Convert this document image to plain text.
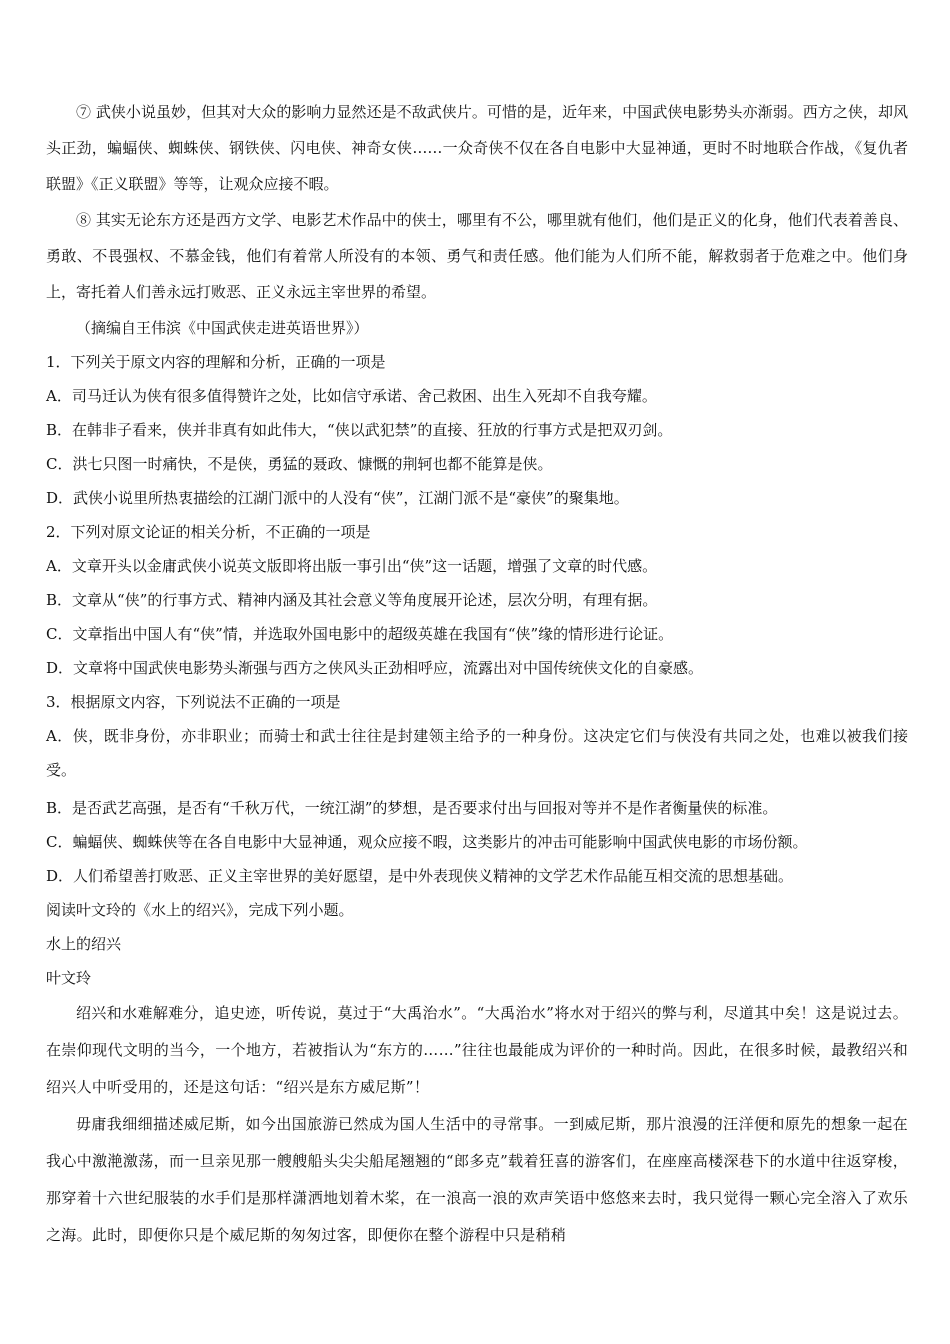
⑦ 武侠小说虽妙，但其对大众的影响力显然还是不敌武侠片。可惜的是，近年来，中国武侠电影势头亦渐弱。西方之侠，却风头正劲，蝙蝠侠、蜘蛛侠、钢铁侠、闪电侠、神奇女侠……一众奇侠不仅在各自电影中大显神通，更时不时地联合作战，《复仇者联盟》《正义联盟》等等，让观众应接不暇。

⑧ 其实无论东方还是西方文学、电影艺术作品中的侠士，哪里有不公，哪里就有他们，他们是正义的化身，他们代表着善良、勇敢、不畏强权、不慕金钱，他们有着常人所没有的本领、勇气和责任感。他们能为人们所不能，解救弱者于危难之中。他们身上，寄托着人们善永远打败恶、正义永远主宰世界的希望。

（摘编自王伟滨《中国武侠走进英语世界》）

1．下列关于原文内容的理解和分析，正确的一项是

A．司马迁认为侠有很多值得赞许之处，比如信守承诺、舍己救困、出生入死却不自我夸耀。

B．在韩非子看来，侠并非真有如此伟大，“侠以武犯禁”的直接、狂放的行事方式是把双刃剑。

C．洪七只图一时痛快，不是侠，勇猛的聂政、慷慨的荆轲也都不能算是侠。

D．武侠小说里所热衷描绘的江湖门派中的人没有“侠”，江湖门派不是“豪侠”的聚集地。

2．下列对原文论证的相关分析，不正确的一项是

A．文章开头以金庸武侠小说英文版即将出版一事引出“侠”这一话题，增强了文章的时代感。

B．文章从“侠”的行事方式、精神内涵及其社会意义等角度展开论述，层次分明，有理有据。

C．文章指出中国人有“侠”情，并选取外国电影中的超级英雄在我国有“侠”缘的情形进行论证。

D．文章将中国武侠电影势头渐强与西方之侠风头正劲相呼应，流露出对中国传统侠文化的自豪感。

3．根据原文内容，下列说法不正确的一项是

A．侠，既非身份，亦非职业；而骑士和武士往往是封建领主给予的一种身份。这决定它们与侠没有共同之处，也难以被我们接受。

B．是否武艺高强，是否有“千秋万代，一统江湖”的梦想，是否要求付出与回报对等并不是作者衡量侠的标准。

C．蝙蝠侠、蜘蛛侠等在各自电影中大显神通，观众应接不暇，这类影片的冲击可能影响中国武侠电影的市场份额。

D．人们希望善打败恶、正义主宰世界的美好愿望，是中外表现侠义精神的文学艺术作品能互相交流的思想基础。

阅读叶文玲的《水上的绍兴》，完成下列小题。

水上的绍兴

叶文玲

绍兴和水难解难分，追史迹，听传说，莫过于“大禹治水”。“大禹治水”将水对于绍兴的弊与利，尽道其中矣！这是说过去。在崇仰现代文明的当今，一个地方，若被指认为“东方的……”往往也最能成为评价的一种时尚。因此，在很多时候，最教绍兴和绍兴人中听受用的，还是这句话：“绍兴是东方威尼斯”！

毋庸我细细描述威尼斯，如今出国旅游已然成为国人生活中的寻常事。一到威尼斯，那片浪漫的汪洋便和原先的想象一起在我心中激滟激荡，而一旦亲见那一艘艘船头尖尖船尾翘翘的“郎多克”载着狂喜的游客们，在座座高楼深巷下的水道中往返穿梭，那穿着十六世纪服装的水手们是那样潇洒地划着木桨，在一浪高一浪的欢声笑语中悠悠来去时，我只觉得一颗心完全溶入了欢乐之海。此时，即便你只是个威尼斯的匆匆过客，即便你在整个游程中只是稍稍
